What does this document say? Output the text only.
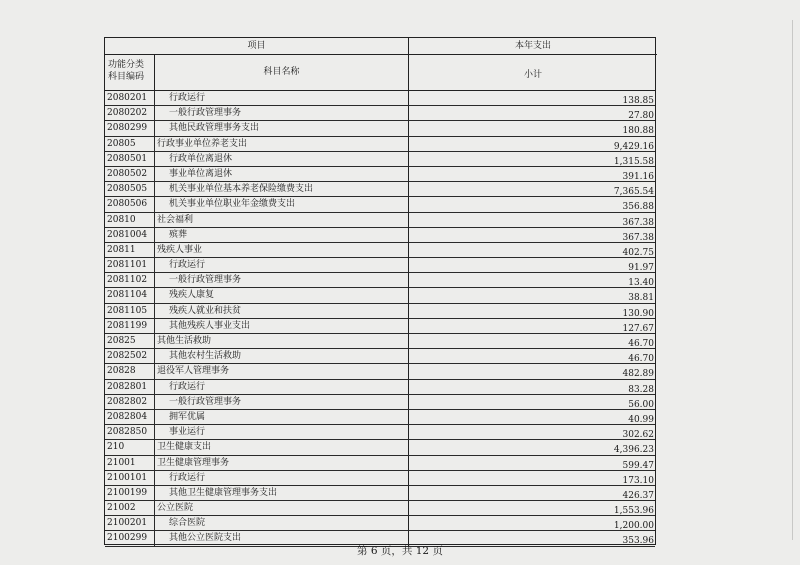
项目	本年支出
功能分类
科目编码	科目名称	小计
2080201	行政运行	138.85
2080202	一般行政管理事务	27.80
2080299	其他民政管理事务支出	180.88
20805	行政事业单位养老支出	9,429.16
2080501	行政单位离退休	1,315.58
2080502	事业单位离退休	391.16
2080505	机关事业单位基本养老保险缴费支出	7,365.54
2080506	机关事业单位职业年金缴费支出	356.88
20810	社会福利	367.38
2081004	殡葬	367.38
20811	残疾人事业	402.75
2081101	行政运行	91.97
2081102	一般行政管理事务	13.40
2081104	残疾人康复	38.81
2081105	残疾人就业和扶贫	130.90
2081199	其他残疾人事业支出	127.67
20825	其他生活救助	46.70
2082502	其他农村生活救助	46.70
20828	退役军人管理事务	482.89
2082801	行政运行	83.28
2082802	一般行政管理事务	56.00
2082804	拥军优属	40.99
2082850	事业运行	302.62
210	卫生健康支出	4,396.23
21001	卫生健康管理事务	599.47
2100101	行政运行	173.10
2100199	其他卫生健康管理事务支出	426.37
21002	公立医院	1,553.96
2100201	综合医院	1,200.00
2100299	其他公立医院支出	353.96
第 6 页，共 12 页
